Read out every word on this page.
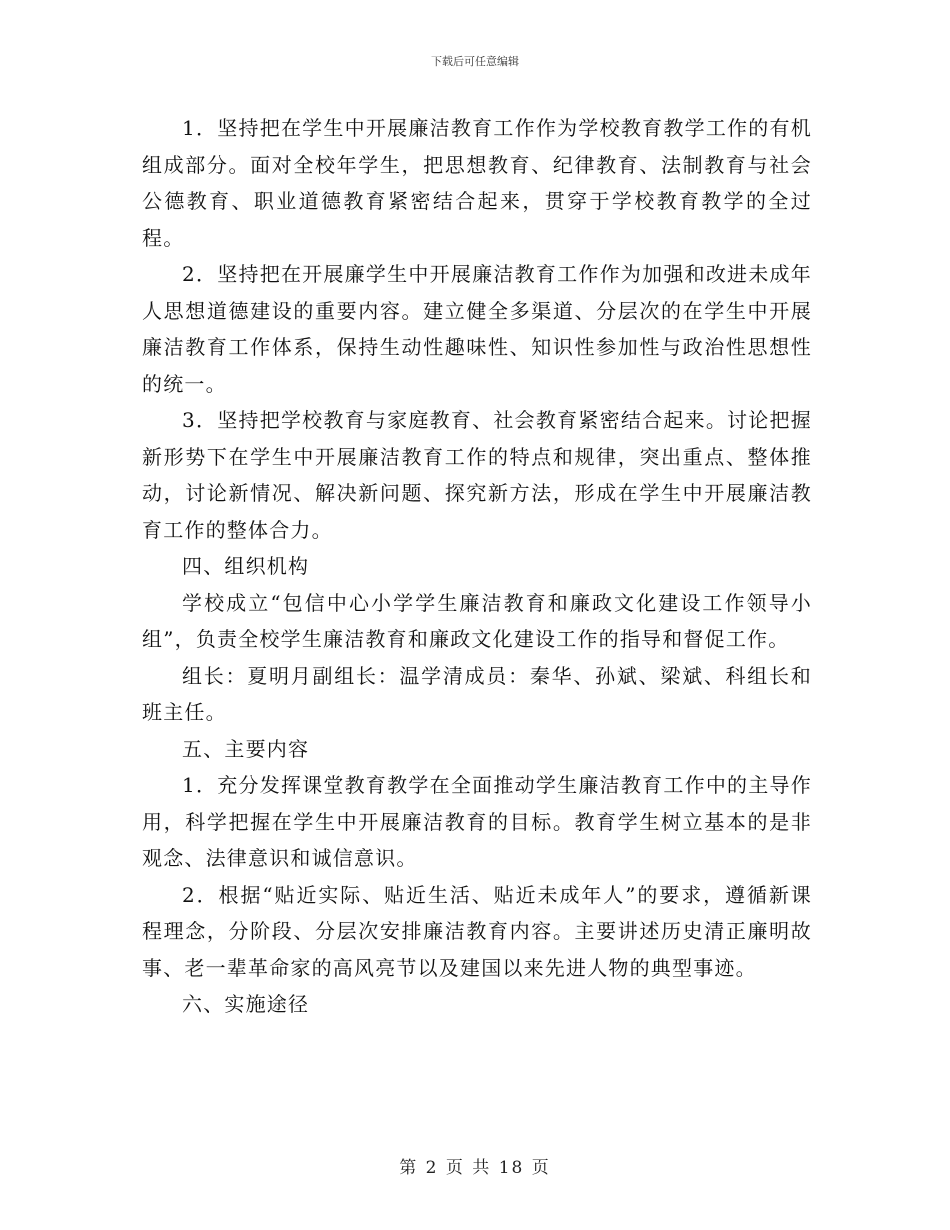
下载后可任意编辑

1．坚持把在学生中开展廉洁教育工作作为学校教育教学工作的有机组成部分。面对全校年学生，把思想教育、纪律教育、法制教育与社会公德教育、职业道德教育紧密结合起来，贯穿于学校教育教学的全过程。

2．坚持把在开展廉学生中开展廉洁教育工作作为加强和改进未成年人思想道德建设的重要内容。建立健全多渠道、分层次的在学生中开展廉洁教育工作体系，保持生动性趣味性、知识性参加性与政治性思想性的统一。

3．坚持把学校教育与家庭教育、社会教育紧密结合起来。讨论把握新形势下在学生中开展廉洁教育工作的特点和规律，突出重点、整体推动，讨论新情况、解决新问题、探究新方法，形成在学生中开展廉洁教育工作的整体合力。

四、组织机构

学校成立“包信中心小学学生廉洁教育和廉政文化建设工作领导小组”，负责全校学生廉洁教育和廉政文化建设工作的指导和督促工作。

组长：夏明月副组长：温学清成员：秦华、孙斌、梁斌、科组长和班主任。

五、主要内容

1．充分发挥课堂教育教学在全面推动学生廉洁教育工作中的主导作用，科学把握在学生中开展廉洁教育的目标。教育学生树立基本的是非观念、法律意识和诚信意识。

2．根据“贴近实际、贴近生活、贴近未成年人”的要求，遵循新课程理念，分阶段、分层次安排廉洁教育内容。主要讲述历史清正廉明故事、老一辈革命家的高风亮节以及建国以来先进人物的典型事迹。

六、实施途径

第 2 页 共 18 页
